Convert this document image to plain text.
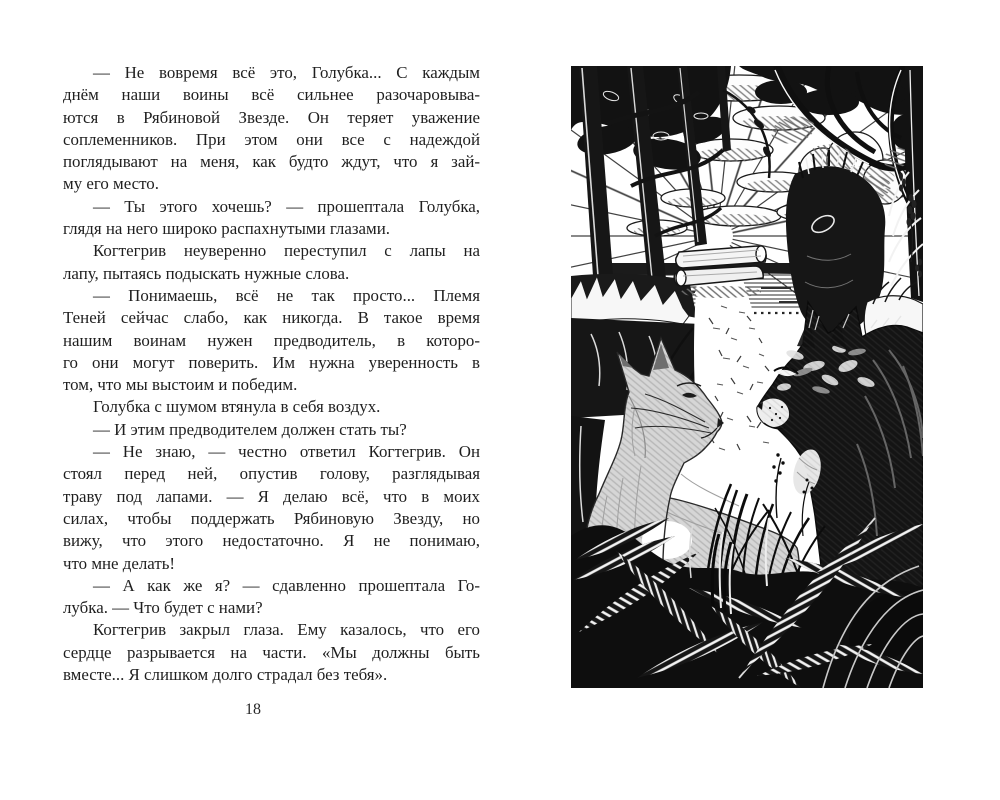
— Не вовремя всё это, Голубка... С каждым
днём наши воины всё сильнее разочаровыва-
ются в Рябиновой Звезде. Он теряет уважение
соплеменников. При этом они все с надеждой
поглядывают на меня, как будто ждут, что я зай-
му его место.
— Ты этого хочешь? — прошептала Голубка,
глядя на него широко распахнутыми глазами.
Когтегрив неуверенно переступил с лапы на
лапу, пытаясь подыскать нужные слова.
— Понимаешь, всё не так просто... Племя
Теней сейчас слабо, как никогда. В такое время
нашим воинам нужен предводитель, в которо-
го они могут поверить. Им нужна уверенность в
том, что мы выстоим и победим.
Голубка с шумом втянула в себя воздух.
— И этим предводителем должен стать ты?
— Не знаю, — честно ответил Когтегрив. Он
стоял перед ней, опустив голову, разглядывая
траву под лапами. — Я делаю всё, что в моих
силах, чтобы поддержать Рябиновую Звезду, но
вижу, что этого недостаточно. Я не понимаю,
что мне делать!
— А как же я? — сдавленно прошептала Го-
лубка. — Что будет с нами?
Когтегрив закрыл глаза. Ему казалось, что его
сердце разрывается на части. «Мы должны быть
вместе... Я слишком долго страдал без тебя».
18
